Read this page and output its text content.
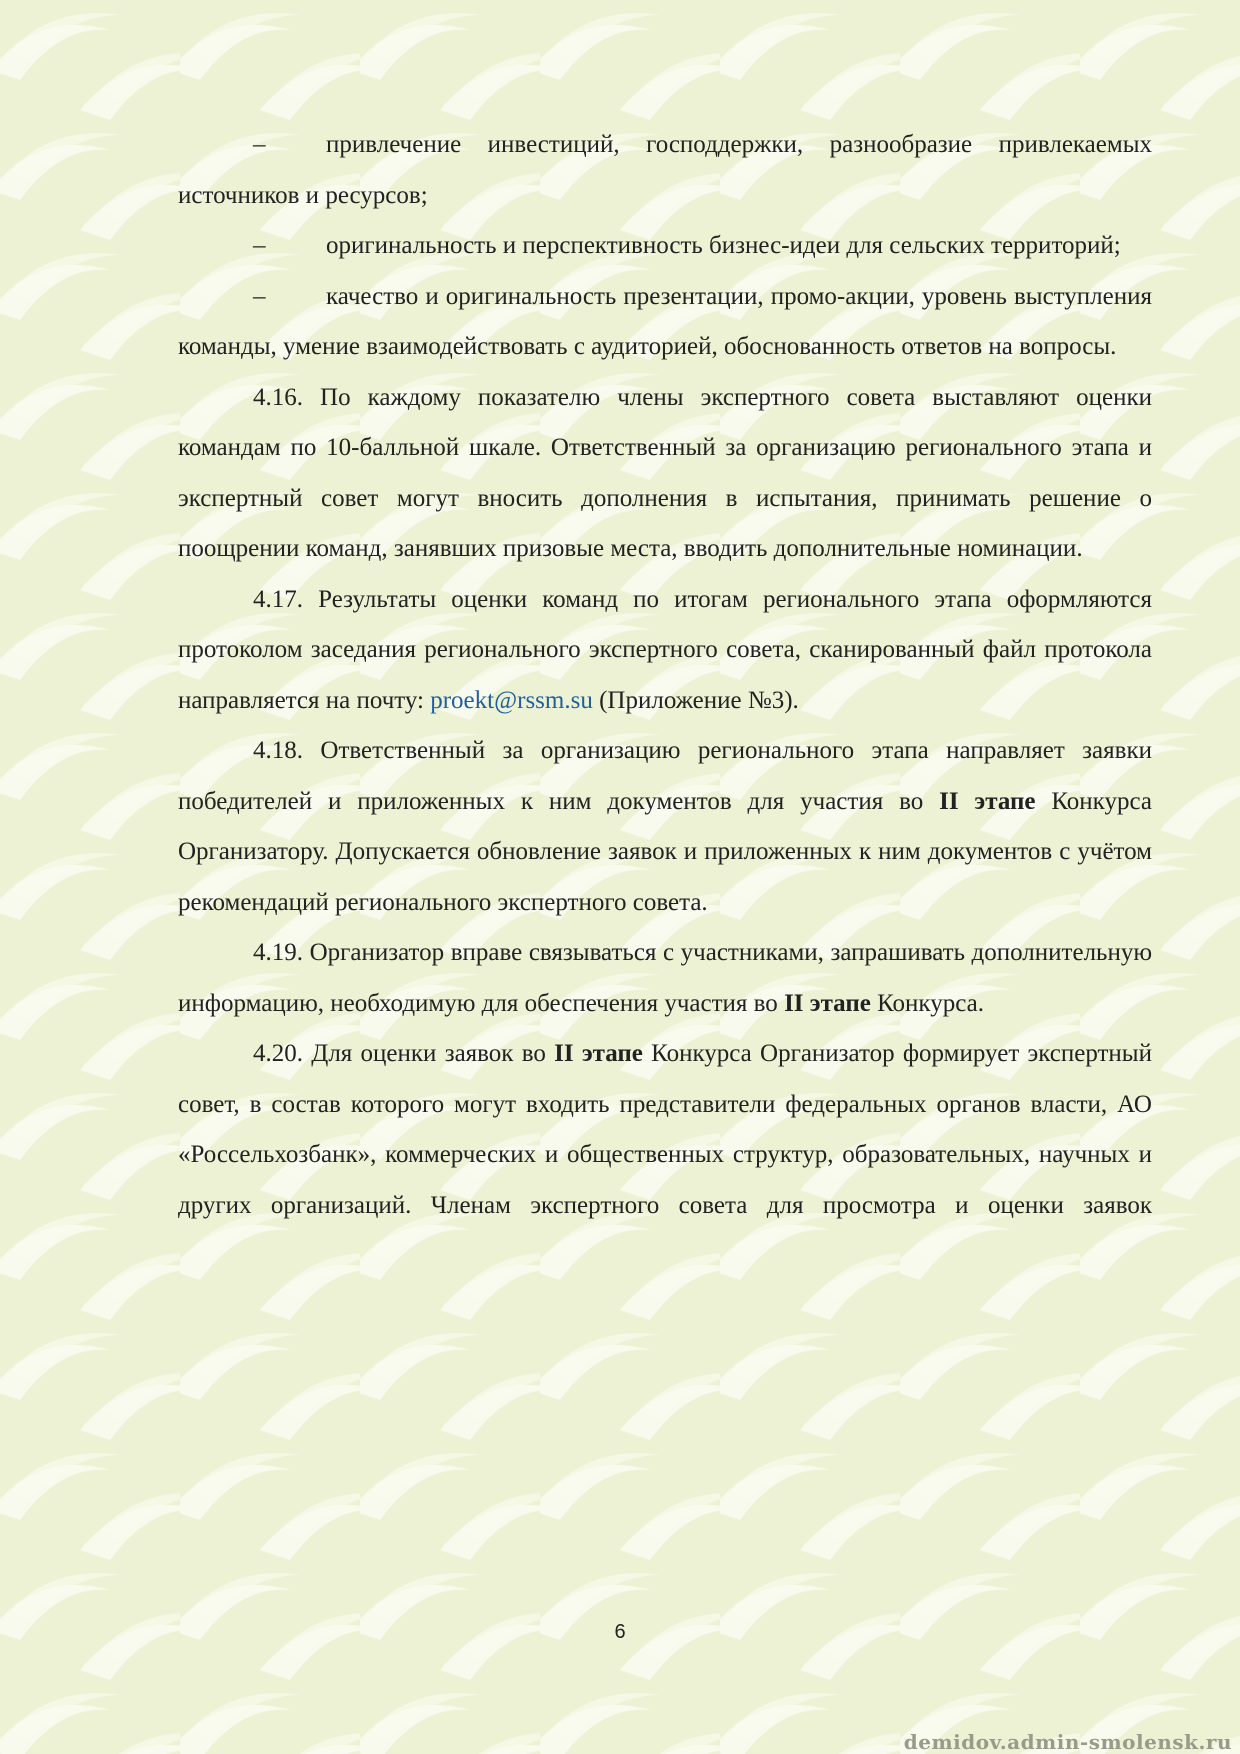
– привлечение инвестиций, господдержки, разнообразие привлекаемых источников и ресурсов;

– оригинальность и перспективность бизнес-идеи для сельских территорий;

– качество и оригинальность презентации, промо-акции, уровень выступления команды, умение взаимодействовать с аудиторией, обоснованность ответов на вопросы.

4.16. По каждому показателю члены экспертного совета выставляют оценки командам по 10-балльной шкале. Ответственный за организацию регионального этапа и экспертный совет могут вносить дополнения в испытания, принимать решение о поощрении команд, занявших призовые места, вводить дополнительные номинации.

4.17. Результаты оценки команд по итогам регионального этапа оформляются протоколом заседания регионального экспертного совета, сканированный файл протокола направляется на почту: proekt@rssm.su (Приложение №3).

4.18. Ответственный за организацию регионального этапа направляет заявки победителей и приложенных к ним документов для участия во II этапе Конкурса Организатору. Допускается обновление заявок и приложенных к ним документов с учётом рекомендаций регионального экспертного совета.

4.19. Организатор вправе связываться с участниками, запрашивать дополнительную информацию, необходимую для обеспечения участия во II этапе Конкурса.

4.20. Для оценки заявок во II этапе Конкурса Организатор формирует экспертный совет, в состав которого могут входить представители федеральных органов власти, АО «Россельхозбанк», коммерческих и общественных структур, образовательных, научных и других организаций. Членам экспертного совета для просмотра и оценки заявок

6
demidov.admin-smolensk.ru
